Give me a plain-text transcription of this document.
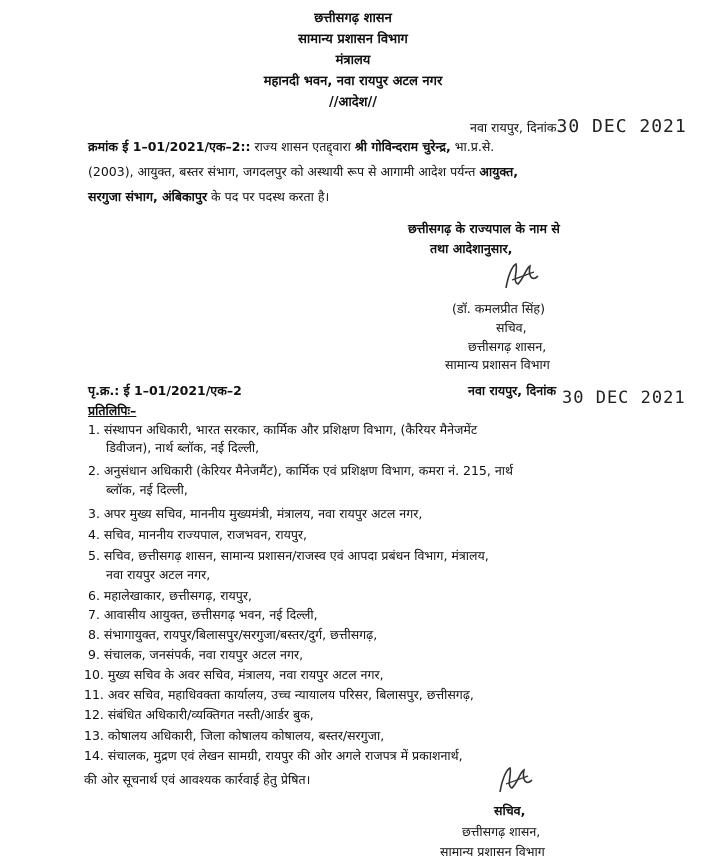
छत्तीसगढ़ शासन
सामान्य प्रशासन विभाग
मंत्रालय
महानदी भवन, नवा रायपुर अटल नगर
//आदेश//
नवा रायपुर, दिनांक30 DEC 2021
क्रमांक ई 1–01/2021/एक–2:: राज्य शासन एतद्द्वारा श्री गोविन्दराम चुरेन्द्र, भा.प्र.से.
(2003), आयुक्त, बस्तर संभाग, जगदलपुर को अस्थायी रूप से आगामी आदेश पर्यन्त आयुक्त,
सरगुजा संभाग, अंबिकापुर के पद पर पदस्थ करता है।
छत्तीसगढ़ के राज्यपाल के नाम से
तथा आदेशानुसार,
(डॉ. कमलप्रीत सिंह)
सचिव,
छत्तीसगढ़ शासन,
सामान्य प्रशासन विभाग
पृ.क्र.: ई 1–01/2021/एक–2	नवा रायपुर, दिनांक 30 DEC 2021
प्रतिलिपिः–
1. संस्थापन अधिकारी, भारत सरकार, कार्मिक और प्रशिक्षण विभाग, (कैरियर मैनेजमेंट
डिवीजन), नार्थ ब्लॉक, नई दिल्ली,
2. अनुसंधान अधिकारी (केरियर मैनेजमैंट), कार्मिक एवं प्रशिक्षण विभाग, कमरा नं. 215, नार्थ
ब्लॉक, नई दिल्ली,
3. अपर मुख्य सचिव, माननीय मुख्यमंत्री, मंत्रालय, नवा रायपुर अटल नगर,
4. सचिव, माननीय राज्यपाल, राजभवन, रायपुर,
5. सचिव, छत्तीसगढ़ शासन, सामान्य प्रशासन/राजस्व एवं आपदा प्रबंधन विभाग, मंत्रालय,
नवा रायपुर अटल नगर,
6. महालेखाकार, छत्तीसगढ़, रायपुर,
7. आवासीय आयुक्त, छत्तीसगढ़ भवन, नई दिल्ली,
8. संभागायुक्त, रायपुर/बिलासपुर/सरगुजा/बस्तर/दुर्ग, छत्तीसगढ़,
9. संचालक, जनसंपर्क, नवा रायपुर अटल नगर,
10. मुख्य सचिव के अवर सचिव, मंत्रालय, नवा रायपुर अटल नगर,
11. अवर सचिव, महाधिवक्ता कार्यालय, उच्च न्यायालय परिसर, बिलासपुर, छत्तीसगढ़,
12. संबंधित अधिकारी/व्यक्तिगत नस्ती/आर्डर बुक,
13. कोषालय अधिकारी, जिला कोषालय कोषालय, बस्तर/सरगुजा,
14. संचालक, मुद्रण एवं लेखन सामग्री, रायपुर की ओर अगले राजपत्र में प्रकाशनार्थ,
की ओर सूचनार्थ एवं आवश्यक कार्रवाई हेतु प्रेषित।
सचिव,
छत्तीसगढ़ शासन,
सामान्य प्रशासन विभाग
